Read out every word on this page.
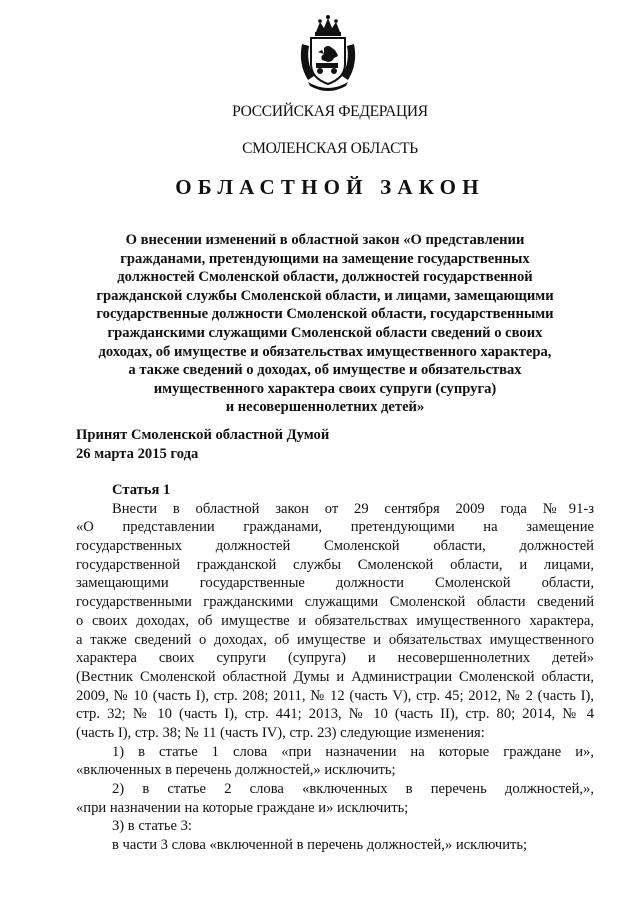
РОССИЙСКАЯ ФЕДЕРАЦИЯ
СМОЛЕНСКАЯ ОБЛАСТЬ
ОБЛАСТНОЙ ЗАКОН
О внесении изменений в областной закон «О представлении
гражданами, претендующими на замещение государственных
должностей Смоленской области, должностей государственной
гражданской службы Смоленской области, и лицами, замещающими
государственные должности Смоленской области, государственными
гражданскими служащими Смоленской области сведений о своих
доходах, об имуществе и обязательствах имущественного характера,
а также сведений о доходах, об имуществе и обязательствах
имущественного характера своих супруги (супруга)
и несовершеннолетних детей»
Принят Смоленской областной Думой
26 марта 2015 года
Статья 1
Внести в областной закон от 29 сентября 2009 года №91-з
«О представлении гражданами, претендующими на замещение
государственных должностей Смоленской области, должностей
государственной гражданской службы Смоленской области, и лицами,
замещающими государственные должности Смоленской области,
государственными гражданскими служащими Смоленской области сведений
о своих доходах, об имуществе и обязательствах имущественного характера,
а также сведений о доходах, об имуществе и обязательствах имущественного
характера своих супруги (супруга) и несовершеннолетних детей»
(Вестник Смоленской областной Думы и Администрации Смоленской области,
2009, № 10 (часть I), стр. 208; 2011, № 12 (часть V), стр. 45; 2012, № 2 (часть I),
стр. 32; № 10 (часть I), стр. 441; 2013, № 10 (часть II), стр. 80; 2014, № 4
(часть I), стр. 38; № 11 (часть IV), стр. 23) следующие изменения:
1) в статье 1 слова «при назначении на которые граждане и»,
«включенных в перечень должностей,» исключить;
2) в статье 2 слова «включенных в перечень должностей,»,
«при назначении на которые граждане и» исключить;
3) в статье 3:
в части 3 слова «включенной в перечень должностей,» исключить;
